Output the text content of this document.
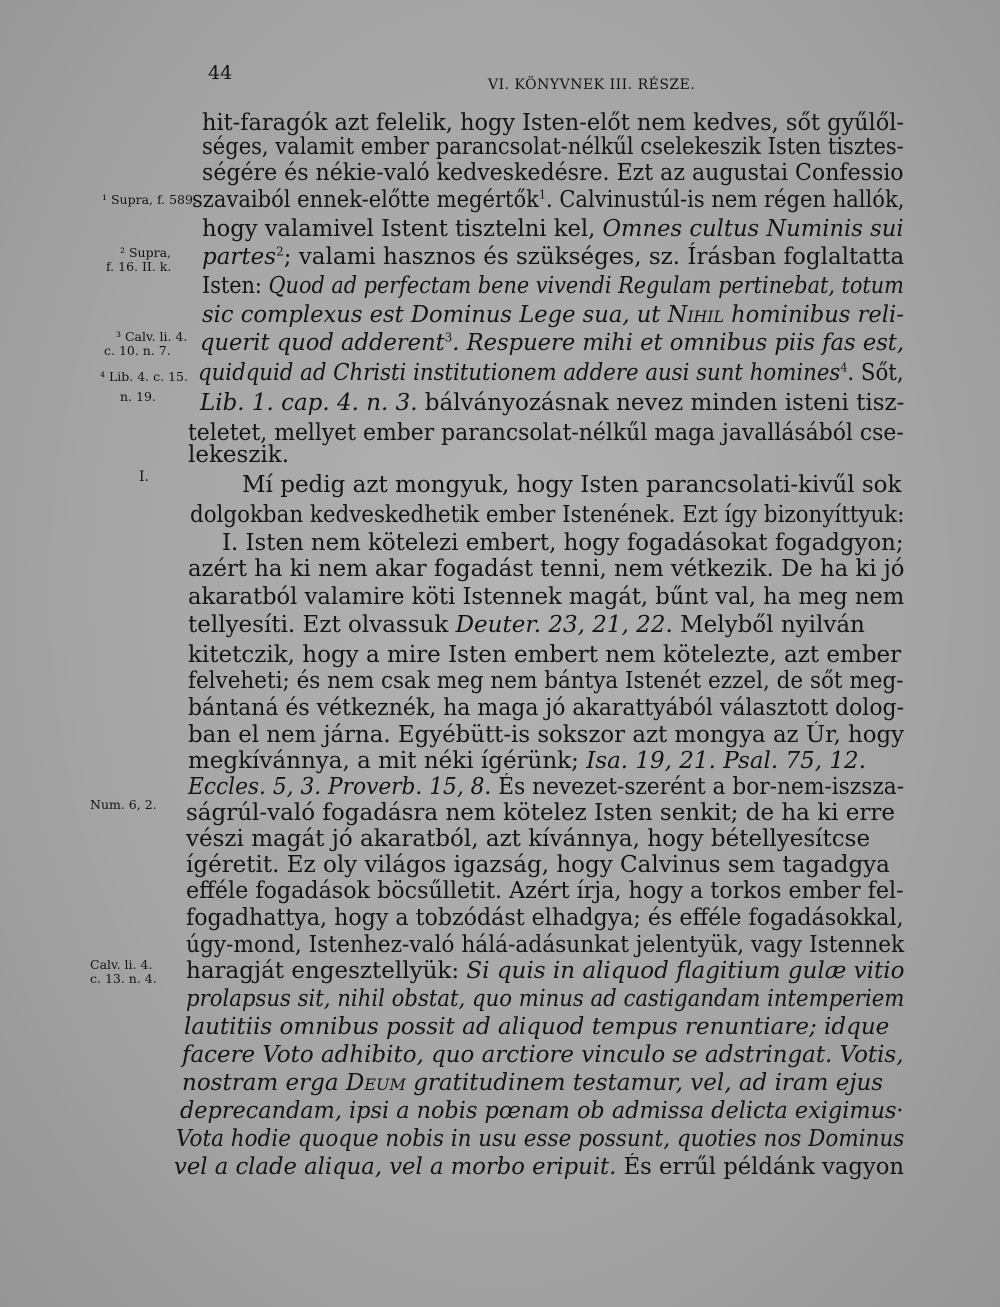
44
VI. KÖNYVNEK III. RÉSZE.
¹ Supra, f. 589.
² Supra,
f. 16. II. k.
³ Calv. li. 4.
c. 10. n. 7.
⁴ Lib. 4. c. 15.
n. 19.
I.
Num. 6, 2.
Calv. li. 4.
c. 13. n. 4.
hit-faragók azt felelik, hogy Isten-előt nem kedves, sőt gyűlől-
séges, valamit ember parancsolat-nélkűl cselekeszik Isten tisztes-
ségére és nékie-való kedveskedésre. Ezt az augustai Confessio
szavaiból ennek-előtte megértők$^1$. Calvinustúl-is nem régen hallók,
hogy valamivel Istent tisztelni kel, Omnes cultus Numinis sui
partes$^2$; valami hasznos és szükséges, sz. Írásban foglaltatta
Isten: Quod ad perfectam bene vivendi Regulam pertinebat, totum
sic complexus est Dominus Lege sua, ut Nihil hominibus reli-
querit quod adderent$^3$. Respuere mihi et omnibus piis fas est,
quidquid ad Christi institutionem addere ausi sunt homines$^4$. Sőt,
Lib. 1. cap. 4. n. 3. bálványozásnak nevez minden isteni tisz-
teletet, mellyet ember parancsolat-nélkűl maga javallásából cse-
lekeszik.
Mí pedig azt mongyuk, hogy Isten parancsolati-kivűl sok
dolgokban kedveskedhetik ember Istenének. Ezt így bizonyíttyuk:
I. Isten nem kötelezi embert, hogy fogadásokat fogadgyon;
azért ha ki nem akar fogadást tenni, nem vétkezik. De ha ki jó
akaratból valamire köti Istennek magát, bűnt val, ha meg nem
tellyesíti. Ezt olvassuk Deuter. 23, 21, 22. Melyből nyilván
kitetczik, hogy a mire Isten embert nem kötelezte, azt ember
felveheti; és nem csak meg nem bántya Istenét ezzel, de sőt meg-
bántaná és vétkeznék, ha maga jó akarattyából választott dolog-
ban el nem járna. Egyébütt-is sokszor azt mongya az Úr, hogy
megkívánnya, a mit néki ígérünk; Isa. 19, 21. Psal. 75, 12.
Eccles. 5, 3. Proverb. 15, 8. És nevezet-szerént a bor-nem-iszsza-
ságrúl-való fogadásra nem kötelez Isten senkit; de ha ki erre
vészi magát jó akaratból, azt kívánnya, hogy bétellyesítcse
ígéretit. Ez oly világos igazság, hogy Calvinus sem tagadgya
efféle fogadások böcsűlletit. Azért írja, hogy a torkos ember fel-
fogadhattya, hogy a tobzódást elhadgya; és efféle fogadásokkal,
úgy-mond, Istenhez-való hálá-adásunkat jelentyük, vagy Istennek
haragját engesztellyük: Si quis in aliquod flagitium gulæ vitio
prolapsus sit, nihil obstat, quo minus ad castigandam intemperiem
lautitiis omnibus possit ad aliquod tempus renuntiare; idque
facere Voto adhibito, quo arctiore vinculo se adstringat. Votis,
nostram erga Deum gratitudinem testamur, vel, ad iram ejus
deprecandam, ipsi a nobis pœnam ob admissa delicta exigimus·
Vota hodie quoque nobis in usu esse possunt, quoties nos Dominus
vel a clade aliqua, vel a morbo eripuit. És errűl példánk vagyon
